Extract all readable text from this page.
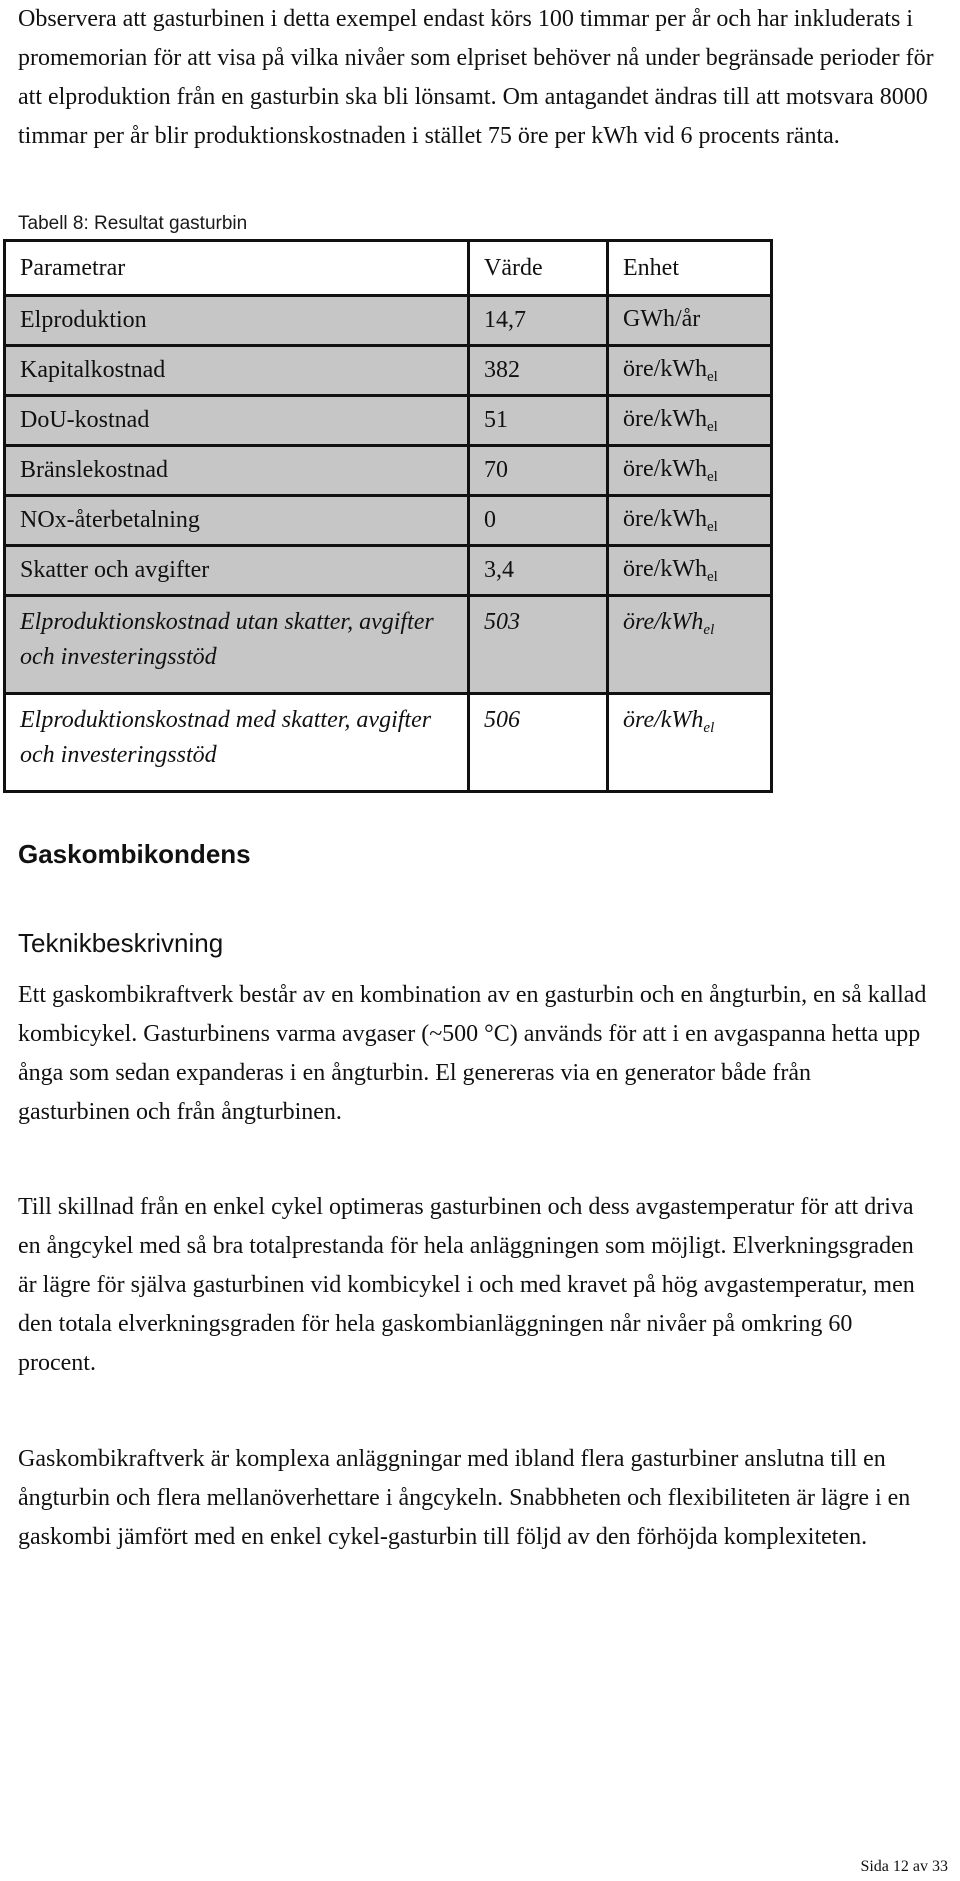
Observera att gasturbinen i detta exempel endast körs 100 timmar per år och har inkluderats i promemorian för att visa på vilka nivåer som elpriset behöver nå under begränsade perioder för att elproduktion från en gasturbin ska bli lönsamt. Om antagandet ändras till att motsvara 8000 timmar per år blir produktionskostnaden i stället 75 öre per kWh vid 6 procents ränta.

Tabell 8: Resultat gasturbin
Parametrar	Värde	Enhet
Elproduktion	14,7	GWh/år
Kapitalkostnad	382	öre/kWh$_{el}$
DoU-kostnad	51	öre/kWh$_{el}$
Bränslekostnad	70	öre/kWh$_{el}$
NOx-återbetalning	0	öre/kWh$_{el}$
Skatter och avgifter	3,4	öre/kWh$_{el}$
Elproduktionskostnad utan skatter, avgifter och investeringsstöd	503	öre/kWh$_{el}$
Elproduktionskostnad med skatter, avgifter och investeringsstöd	506	öre/kWh$_{el}$
Gaskombikondens
Teknikbeskrivning

Ett gaskombikraftverk består av en kombination av en gasturbin och en ångturbin, en så kallad kombicykel. Gasturbinens varma avgaser (~500 °C) används för att i en avgaspanna hetta upp ånga som sedan expanderas i en ångturbin. El genereras via en generator både från gasturbinen och från ångturbinen.

Till skillnad från en enkel cykel optimeras gasturbinen och dess avgastemperatur för att driva en ångcykel med så bra totalprestanda för hela anläggningen som möjligt. Elverkningsgraden är lägre för själva gasturbinen vid kombicykel i och med kravet på hög avgastemperatur, men den totala elverkningsgraden för hela gaskombianläggningen når nivåer på omkring 60 procent.

Gaskombikraftverk är komplexa anläggningar med ibland flera gasturbiner anslutna till en ångturbin och flera mellanöverhettare i ångcykeln. Snabbheten och flexibiliteten är lägre i en gaskombi jämfört med en enkel cykel-gasturbin till följd av den förhöjda komplexiteten.

Sida 12 av 33
